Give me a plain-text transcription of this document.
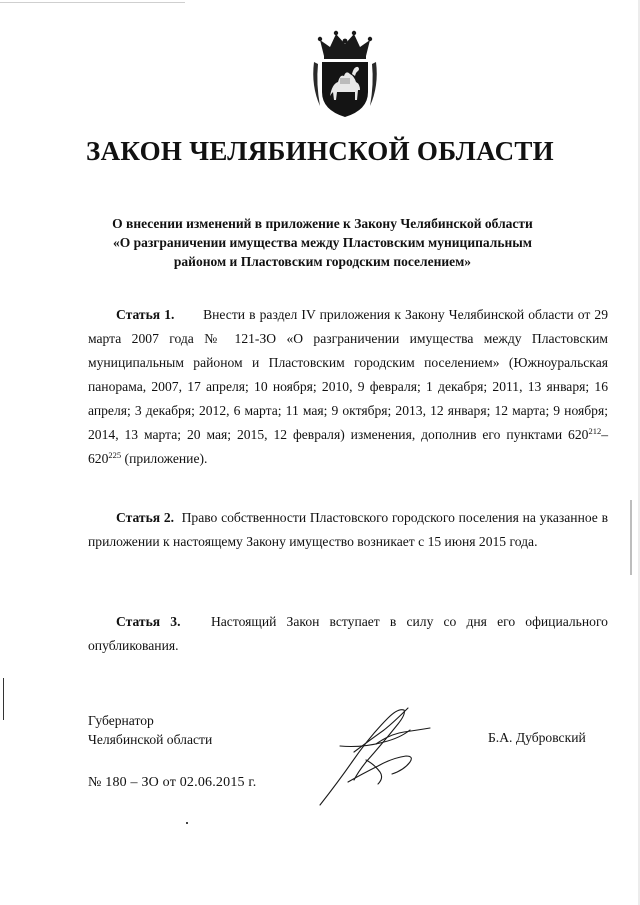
ЗАКОН ЧЕЛЯБИНСКОЙ ОБЛАСТИ
О внесении изменений в приложение к Закону Челябинской области
«О разграничении имущества между Пластовским муниципальным
районом и Пластовским городским поселением»
Статья 1. Внести в раздел IV приложения к Закону Челябинской области от 29 марта 2007 года № 121-ЗО «О разграничении имущества между Пластовским муниципальным районом и Пластовским городским поселением» (Южноуральская панорама, 2007, 17 апреля; 10 ноября; 2010, 9 февраля; 1 декабря; 2011, 13 января; 16 апреля; 3 декабря; 2012, 6 марта; 11 мая; 9 октября; 2013, 12 января; 12 марта; 9 ноября; 2014, 13 марта; 20 мая; 2015, 12 февраля) изменения, дополнив его пунктами $620^{212}-620^{225}$ (приложение).
Статья 2. Право собственности Пластовского городского поселения на указанное в приложении к настоящему Закону имущество возникает с 15 июня 2015 года.
Статья 3. Настоящий Закон вступает в силу со дня его официального опубликования.
Губернатор
Челябинской области	Б.А. Дубровский
№ 180 – ЗО от 02.06.2015 г.
